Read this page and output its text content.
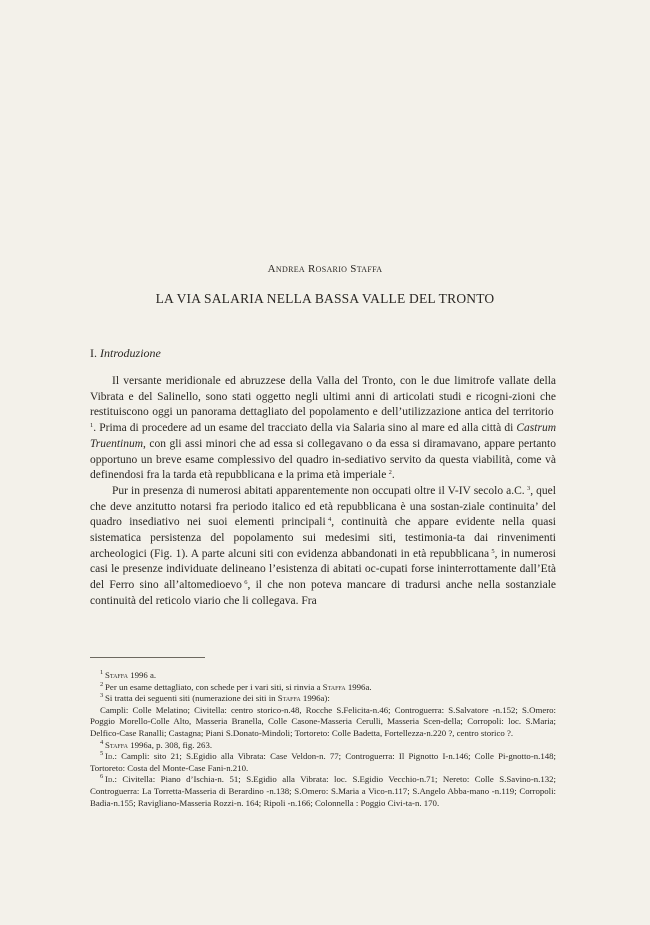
Andrea Rosario Staffa
LA VIA SALARIA NELLA BASSA VALLE DEL TRONTO
I. Introduzione

Il versante meridionale ed abruzzese della Valla del Tronto, con le due limitrofe vallate della Vibrata e del Salinello, sono stati oggetto negli ultimi anni di articolati studi e ricogni-zioni che restituiscono oggi un panorama dettagliato del popolamento e dell’utilizzazione antica del territorio $^1$. Prima di procedere ad un esame del tracciato della via Salaria sino al mare ed alla città di Castrum Truentinum, con gli assi minori che ad essa si collegavano o da essa si diramavano, appare pertanto opportuno un breve esame complessivo del quadro in-sediativo servito da questa viabilità, come và definendosi fra la tarda età repubblicana e la prima età imperiale  $^2$.

Pur in presenza di numerosi abitati apparentemente non occupati oltre il V-IV secolo a.C.  $^3$, quel che deve anzitutto notarsi fra periodo italico ed età repubblicana è una sostan-ziale continuita’ del quadro insediativo nei suoi elementi principali  $^4$, continuità che appare evidente nella quasi sistematica persistenza del popolamento sui medesimi siti, testimonia-ta dai rinvenimenti archeologici (Fig. 1). A parte alcuni siti con evidenza abbandonati in età repubblicana  $^5$, in numerosi casi le presenze individuate delineano l’esistenza di abitati oc-cupati forse ininterrottamente dall’Età del Ferro sino all’altomedioevo  $^6$, il che non poteva mancare di tradursi anche nella sostanziale continuità del reticolo viario che li collegava. Fra

$^1$  Staffa 1996 a.

$^2$  Per un esame dettagliato, con schede per i vari siti, si rinvia a Staffa 1996a.

$^3$  Si tratta dei seguenti siti (numerazione dei siti in Staffa 1996a):

Campli: Colle Melatino; Civitella: centro storico-n.48, Rocche S.Felicita-n.46; Controguerra: S.Salvatore -n.152; S.Omero: Poggio Morello-Colle Alto, Masseria Branella, Colle Casone-Masseria Cerulli, Masseria Scen-della; Corropoli: loc. S.Maria; Delfico-Case Ranalli; Castagna; Piani S.Donato-Mindoli; Tortoreto: Colle Badetta, Fortellezza-n.220 ?, centro storico ?.

$^4$  Staffa 1996a, p. 308, fig. 263.

$^5$  Id.: Campli: sito 21; S.Egidio alla Vibrata: Case Veldon-n. 77; Controguerra: Il Pignotto I-n.146; Colle Pi-gnotto-n.148; Tortoreto: Costa del Monte-Case Fani-n.210.

$^6$  Id.: Civitella: Piano d’Ischia-n. 51; S.Egidio alla Vibrata: loc. S.Egidio Vecchio-n.71; Nereto: Colle S.Savino-n.132; Controguerra: La Torretta-Masseria di Berardino -n.138; S.Omero: S.Maria a Vico-n.117; S.Angelo Abba-mano -n.119; Corropoli: Badia-n.155; Ravigliano-Masseria Rozzi-n. 164; Ripoli -n.166; Colonnella : Poggio Civi-ta-n. 170.
